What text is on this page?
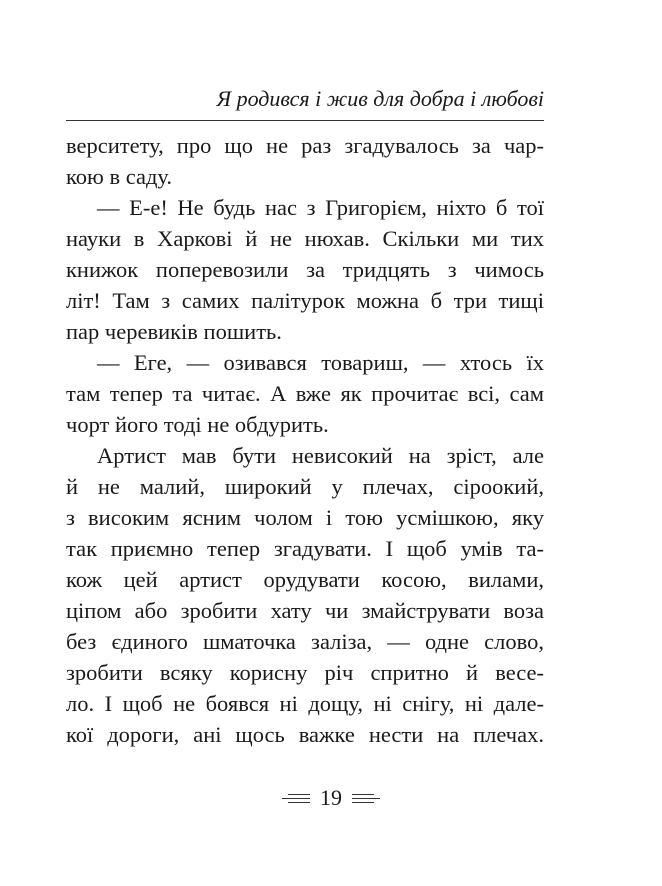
Я родився і жив для добра і любові
верситету, про що не раз згадувалось за чар-
кою в саду.
— Е-е! Не будь нас з Григорієм, ніхто б тої
науки в Харкові й не нюхав. Скільки ми тих
книжок поперевозили за тридцять з чимось
літ! Там з самих палітурок можна б три тищі
пар черевиків пошить.
— Еге, — озивався товариш, — хтось їх
там тепер та читає. А вже як прочитає всі, сам
чорт його тоді не обдурить.
Артист мав бути невисокий на зріст, але
й не малий, широкий у плечах, сіроокий,
з високим ясним чолом і тою усмішкою, яку
так приємно тепер згадувати. І щоб умів та-
кож цей артист орудувати косою, вилами,
ціпом або зробити хату чи змайструвати воза
без єдиного шматочка заліза, — одне слово,
зробити всяку корисну річ спритно й весе-
ло. І щоб не боявся ні дощу, ні снігу, ні дале-
кої дороги, ані щось важке нести на плечах.
19
